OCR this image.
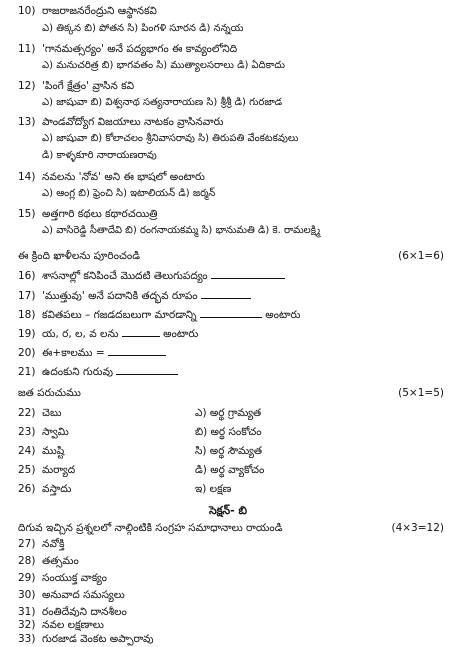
10) రాజరాజనరేంద్రుని ఆస్థానకవి
ఎ) తిక్కన బి) పోతన సి) పింగళి సూరన డి) నన్నయ
11) 'గానమత్సర్యం' అనే పద్యభాగం ఈ కావ్యంలోనిది
ఎ) మనుచరిత్ర బి) భాగవతం సి) ముత్యాలసరాలు డి) ఏదికాదు
12) 'పింగే క్షేత్రం' వ్రాసిన కవి
ఎ) జాషువా బి) విశ్వనాథ సత్యనారాయణ సి) శ్రీశ్రీ డి) గురజాడ
13) పాండవోద్యోగ విజయాలు నాటకం వ్రాసినవారు
ఎ) జాషువా బి) కోలాచలం శ్రీనివాసరావు సి) తిరుపతి వేంకటకవులు
డి) కాళ్ళకూరి నారాయణరావు
14) నవలను 'నోవ' అని ఈ భాషలో అంటారు
ఎ) ఆంగ్ల బి) ఫ్రెంచి సి) ఇటాలియన్ డి) జర్మన్
15) అత్తగారి కథలు కథారచయిత్రి
ఎ) వాసిరెడ్డి సీతాదేవి బి) రంగనాయకమ్మ సి) భానుమతి డి) కె. రామలక్ష్మి
ఈ క్రింది ఖాళీలను పూరించండి	(6×1=6)
16) శాసనాల్లో కనిపించే మొదటి తెలుగుపద్యం
17) 'ముత్తువు' అనే పదానికి తద్భవ రూపం
18) కవితపలు – గజడదబలుగా మారడాన్ని	అంటారు
19) య, ర, ల, వ లను	అంటారు
20) ఈ+కాలము =
21) ఉదంకుని గురువు
జత పరుచుము	(5×1=5)
22) చెబు	ఎ) అర్థ గ్రామ్యత
23) స్వామి	బి) అర్థ సంకోచం
24) ముష్టి	సి) అర్థ సౌమ్యత
25) మర్యాద	డి) అర్థ వ్యాకోచం
26) వస్తాదు	ఇ) లక్షణ
సెక్షన్- బి
దిగువ ఇచ్చిన ప్రశ్నలలో నాల్గింటికి సంగ్రహ సమాధానాలు రాయండి	(4×3=12)
27) నవోక్తి
28) తత్సమం
29) సంయుక్త వాక్యం
30) అనువాద సమస్యలు
31) రంతిదేవుని దానశీలం
32) నవల లక్షణాలు
33) గురజాడ వెంకట అప్పారావు
